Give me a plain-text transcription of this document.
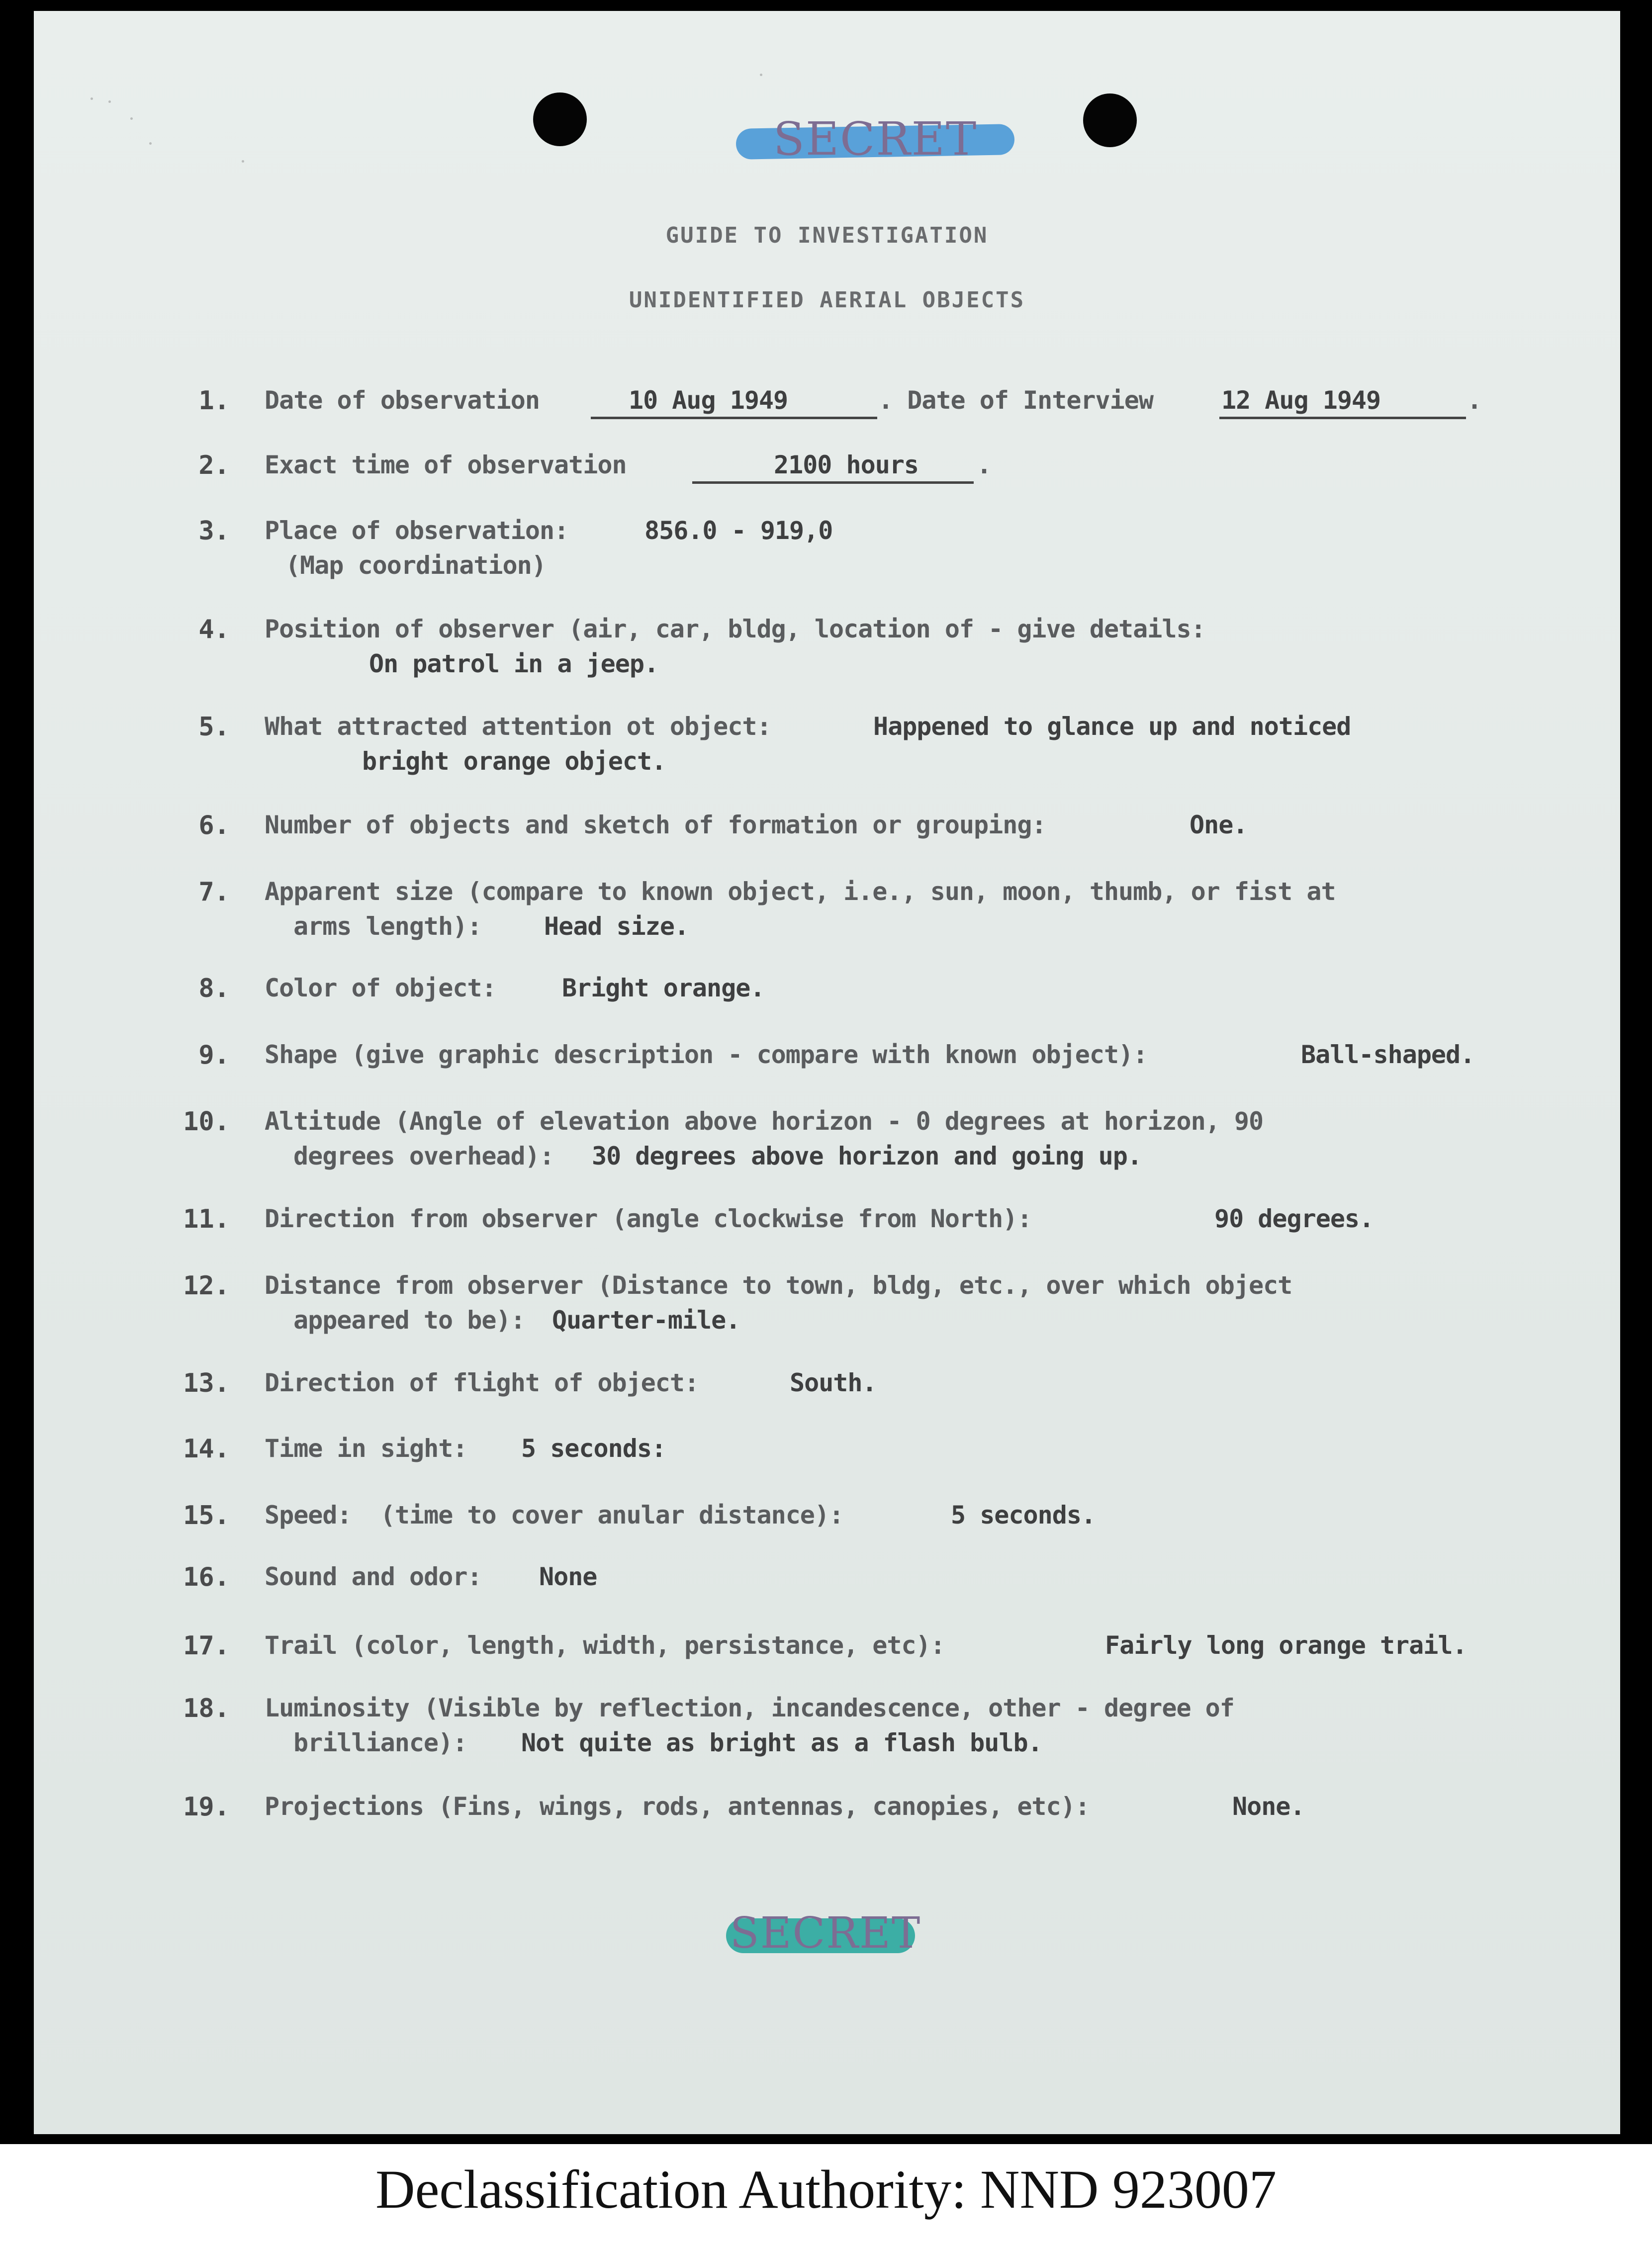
SECRET
GUIDE TO INVESTIGATION
UNIDENTIFIED AERIAL OBJECTS
1. Date of observation	10 Aug 1949	. Date of Interview	12 Aug 1949	.
2. Exact time of observation	2100 hours .
3. Place of observation:	856.0 - 919,0
(Map coordination)
4. Position of observer (air, car, bldg, location of - give details:
On patrol in a jeep.
5. What attracted attention ot object:	Happened to glance up and noticed
bright orange object.
6. Number of objects and sketch of formation or grouping:	One.
7. Apparent size (compare to known object, i.e., sun, moon, thumb, or fist at
arms length):	Head size.
8. Color of object:	Bright orange.
9. Shape (give graphic description - compare with known object):	Ball-shaped.
10. Altitude (Angle of elevation above horizon - 0 degrees at horizon, 90
degrees overhead): 30 degrees above horizon and going up.
11. Direction from observer (angle clockwise from North):	90 degrees.
12. Distance from observer (Distance to town, bldg, etc., over which object
appeared to be): Quarter-mile.
13. Direction of flight of object:	South.
14. Time in sight: 5 seconds:
15. Speed:  (time to cover anular distance):	5 seconds.
16. Sound and odor: None
17. Trail (color, length, width, persistance, etc):	Fairly long orange trail.
18. Luminosity (Visible by reflection, incandescence, other - degree of
brilliance): Not quite as bright as a flash bulb.
19. Projections (Fins, wings, rods, antennas, canopies, etc):	None.
SECRET
Declassification Authority: NND 923007
